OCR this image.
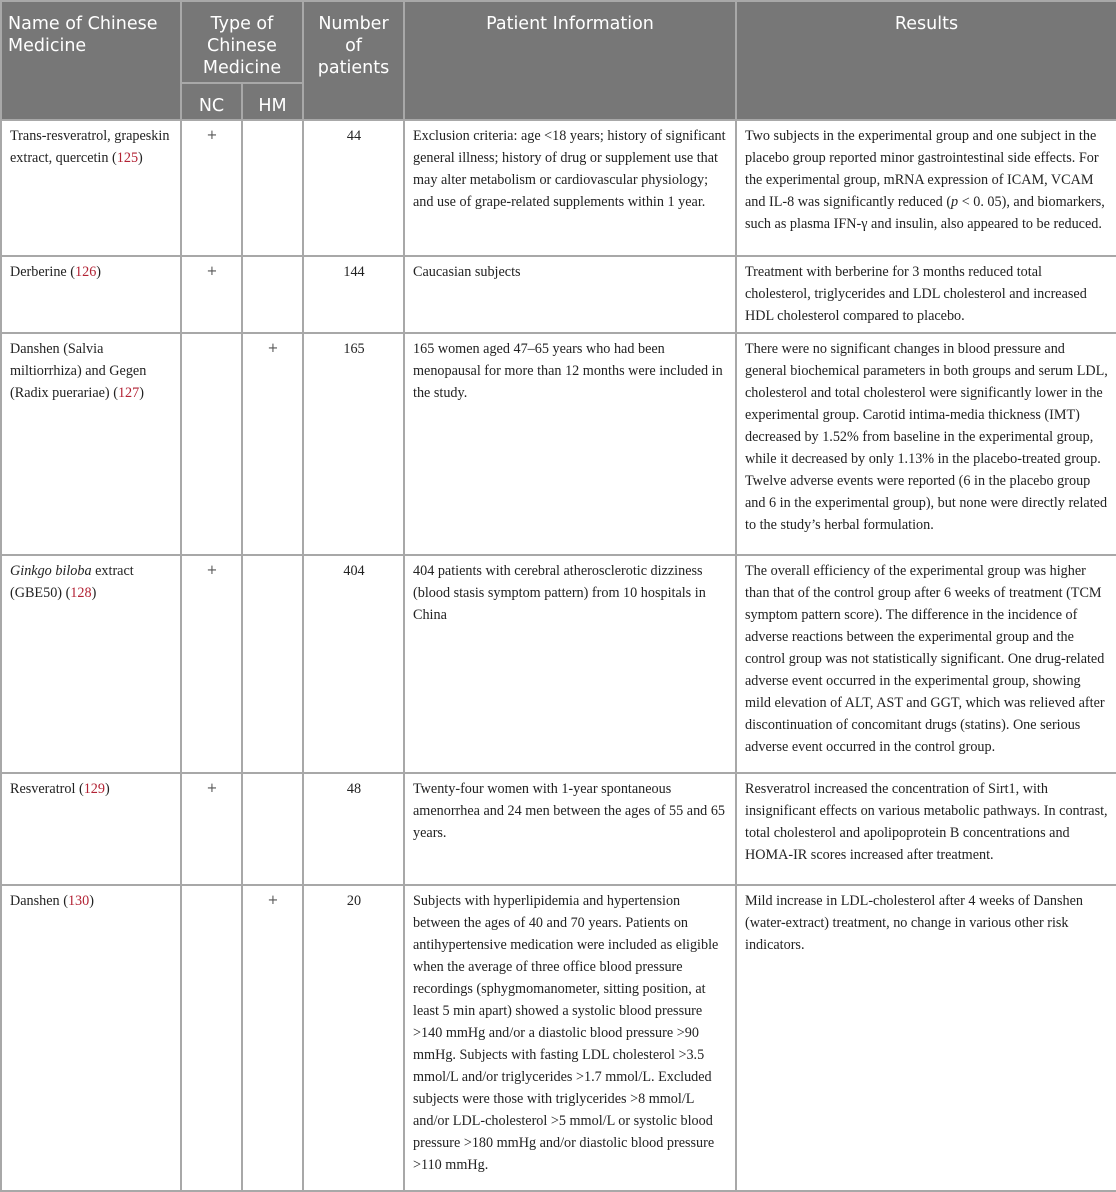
Name of Chinese Medicine	Type of Chinese Medicine		Number of patients	Patient Information	Results
	NC	HM			
Trans-resveratrol, grapeskin extract, quercetin (125)	+		44	Exclusion criteria: age <18 years; history of significant general illness; history of drug or supplement use that may alter metabolism or cardiovascular physiology; and use of grape-related supplements within 1 year.	Two subjects in the experimental group and one subject in the placebo group reported minor gastrointestinal side effects. For the experimental group, mRNA expression of ICAM, VCAM and IL-8 was significantly reduced (p < 0. 05), and biomarkers, such as plasma IFN-γ and insulin, also appeared to be reduced.
Derberine (126)	+		144	Caucasian subjects	Treatment with berberine for 3 months reduced total cholesterol, triglycerides and LDL cholesterol and increased HDL cholesterol compared to placebo.
Danshen (Salvia miltiorrhiza) and Gegen (Radix puerariae) (127)		+	165	165 women aged 47–65 years who had been menopausal for more than 12 months were included in the study.	There were no significant changes in blood pressure and general biochemical parameters in both groups and serum LDL, cholesterol and total cholesterol were significantly lower in the experimental group. Carotid intima-media thickness (IMT) decreased by 1.52% from baseline in the experimental group, while it decreased by only 1.13% in the placebo-treated group. Twelve adverse events were reported (6 in the placebo group and 6 in the experimental group), but none were directly related to the study’s herbal formulation.
Ginkgo biloba extract (GBE50) (128)	+		404	404 patients with cerebral atherosclerotic dizziness (blood stasis symptom pattern) from 10 hospitals in China	The overall efficiency of the experimental group was higher than that of the control group after 6 weeks of treatment (TCM symptom pattern score). The difference in the incidence of adverse reactions between the experimental group and the control group was not statistically significant. One drug-related adverse event occurred in the experimental group, showing mild elevation of ALT, AST and GGT, which was relieved after discontinuation of concomitant drugs (statins). One serious adverse event occurred in the control group.
Resveratrol (129)	+		48	Twenty-four women with 1-year spontaneous amenorrhea and 24 men between the ages of 55 and 65 years.	Resveratrol increased the concentration of Sirt1, with insignificant effects on various metabolic pathways. In contrast, total cholesterol and apolipoprotein B concentrations and HOMA-IR scores increased after treatment.
Danshen (130)		+	20	Subjects with hyperlipidemia and hypertension between the ages of 40 and 70 years. Patients on antihypertensive medication were included as eligible when the average of three office blood pressure recordings (sphygmomanometer, sitting position, at least 5 min apart) showed a systolic blood pressure >140 mmHg and/or a diastolic blood pressure >90 mmHg. Subjects with fasting LDL cholesterol >3.5 mmol/L and/or triglycerides >1.7 mmol/L. Excluded subjects were those with triglycerides >8 mmol/L and/or LDL-cholesterol >5 mmol/L or systolic blood pressure >180 mmHg and/or diastolic blood pressure >110 mmHg.	Mild increase in LDL-cholesterol after 4 weeks of Danshen (water-extract) treatment, no change in various other risk indicators.
